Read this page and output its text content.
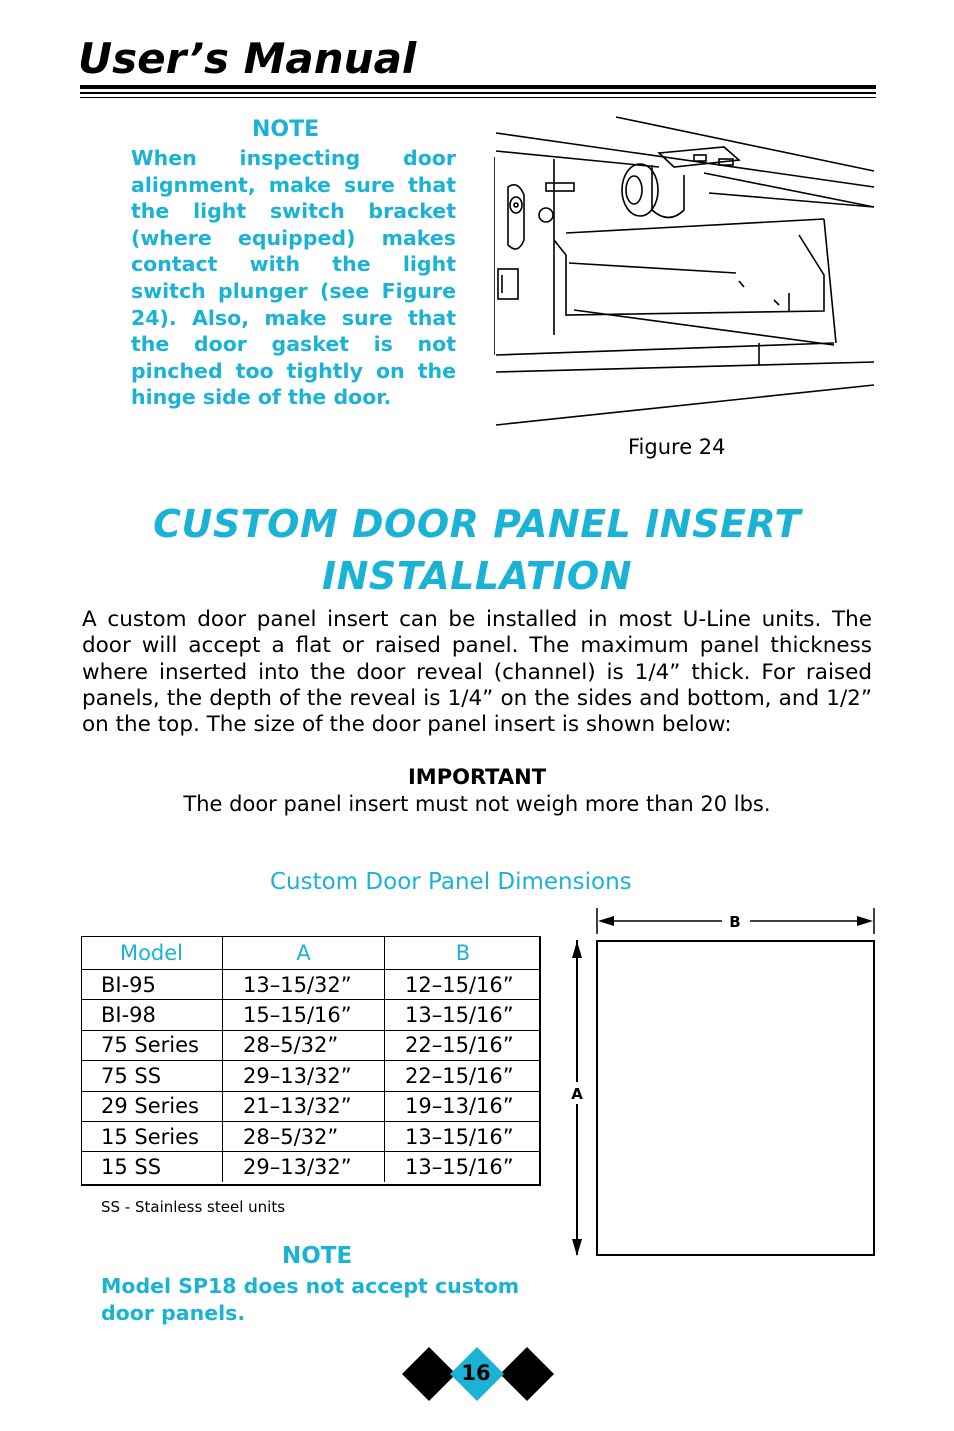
User’s Manual
NOTE
When inspecting door alignment, make sure that the light switch bracket (where equipped) makes contact with the light switch plunger (see Figure 24). Also, make sure that the door gasket is not pinched too tightly on the hinge side of the door.
Figure 24
CUSTOM DOOR PANEL INSERT INSTALLATION
A custom door panel insert can be installed in most U-Line units. The door will accept a flat or raised panel. The maximum panel thickness where inserted into the door reveal (channel) is 1/4” thick. For raised panels, the depth of the reveal is 1/4” on the sides and bottom, and 1/2” on the top. The size of the door panel insert is shown below:
IMPORTANT
The door panel insert must not weigh more than 20 lbs.
Custom Door Panel Dimensions
Model	A	B
BI-95	13–15/32”	12–15/16”
BI-98	15–15/16”	13–15/16”
75 Series	28–5/32”	22–15/16”
75 SS	29–13/32”	22–15/16”
29 Series	21–13/32”	19–13/16”
15 Series	28–5/32”	13–15/16”
15 SS	29–13/32”	13–15/16”
SS - Stainless steel units
B
A
NOTE
Model SP18 does not accept custom door panels.
16
